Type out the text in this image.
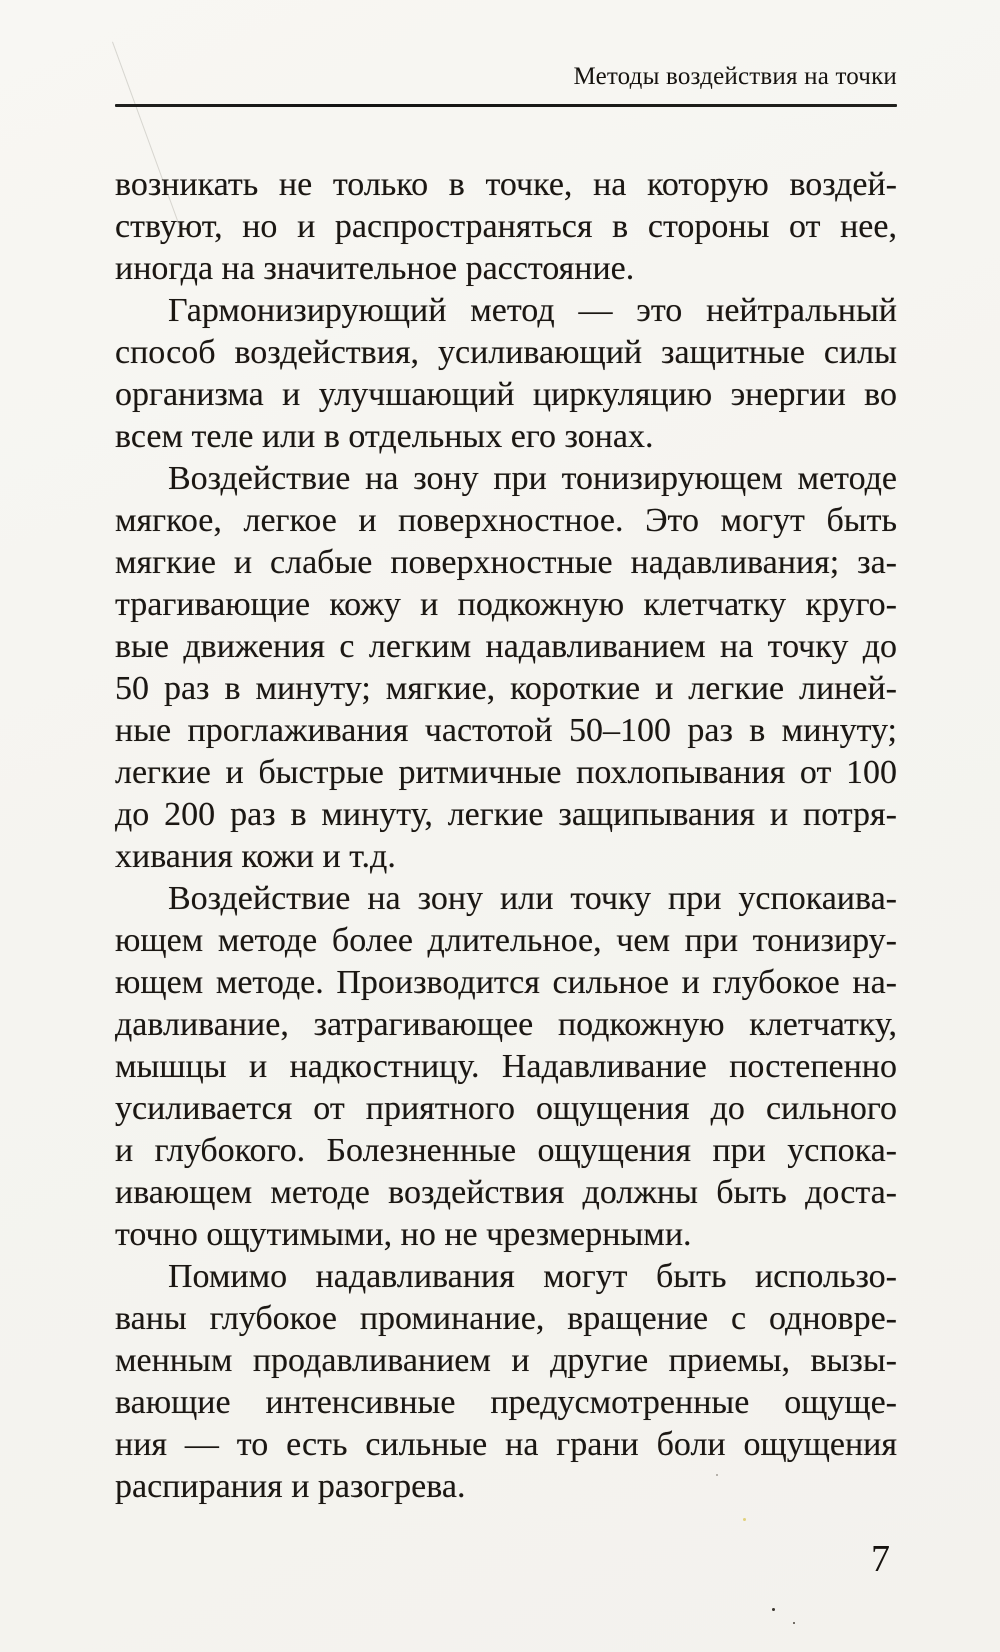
Методы воздействия на точки
возникать не только в точке, на которую воздей-
ствуют, но и распространяться в стороны от нее,
иногда на значительное расстояние.
Гармонизирующий метод — это нейтральный
способ воздействия, усиливающий защитные силы
организма и улучшающий циркуляцию энергии во
всем теле или в отдельных его зонах.
Воздействие на зону при тонизирующем методе
мягкое, легкое и поверхностное. Это могут быть
мягкие и слабые поверхностные надавливания; за-
трагивающие кожу и подкожную клетчатку круго-
вые движения с легким надавливанием на точку до
50 раз в минуту; мягкие, короткие и легкие линей-
ные проглаживания частотой 50–100 раз в минуту;
легкие и быстрые ритмичные похлопывания от 100
до 200 раз в минуту, легкие защипывания и потря-
хивания кожи и т.д.
Воздействие на зону или точку при успокаива-
ющем методе более длительное, чем при тонизиру-
ющем методе. Производится сильное и глубокое на-
давливание, затрагивающее подкожную клетчатку,
мышцы и надкостницу. Надавливание постепенно
усиливается от приятного ощущения до сильного
и глубокого. Болезненные ощущения при успока-
ивающем методе воздействия должны быть доста-
точно ощутимыми, но не чрезмерными.
Помимо надавливания могут быть использо-
ваны глубокое проминание, вращение с одновре-
менным продавливанием и другие приемы, вызы-
вающие интенсивные предусмотренные ощуще-
ния — то есть сильные на грани боли ощущения
распирания и разогрева.
7
